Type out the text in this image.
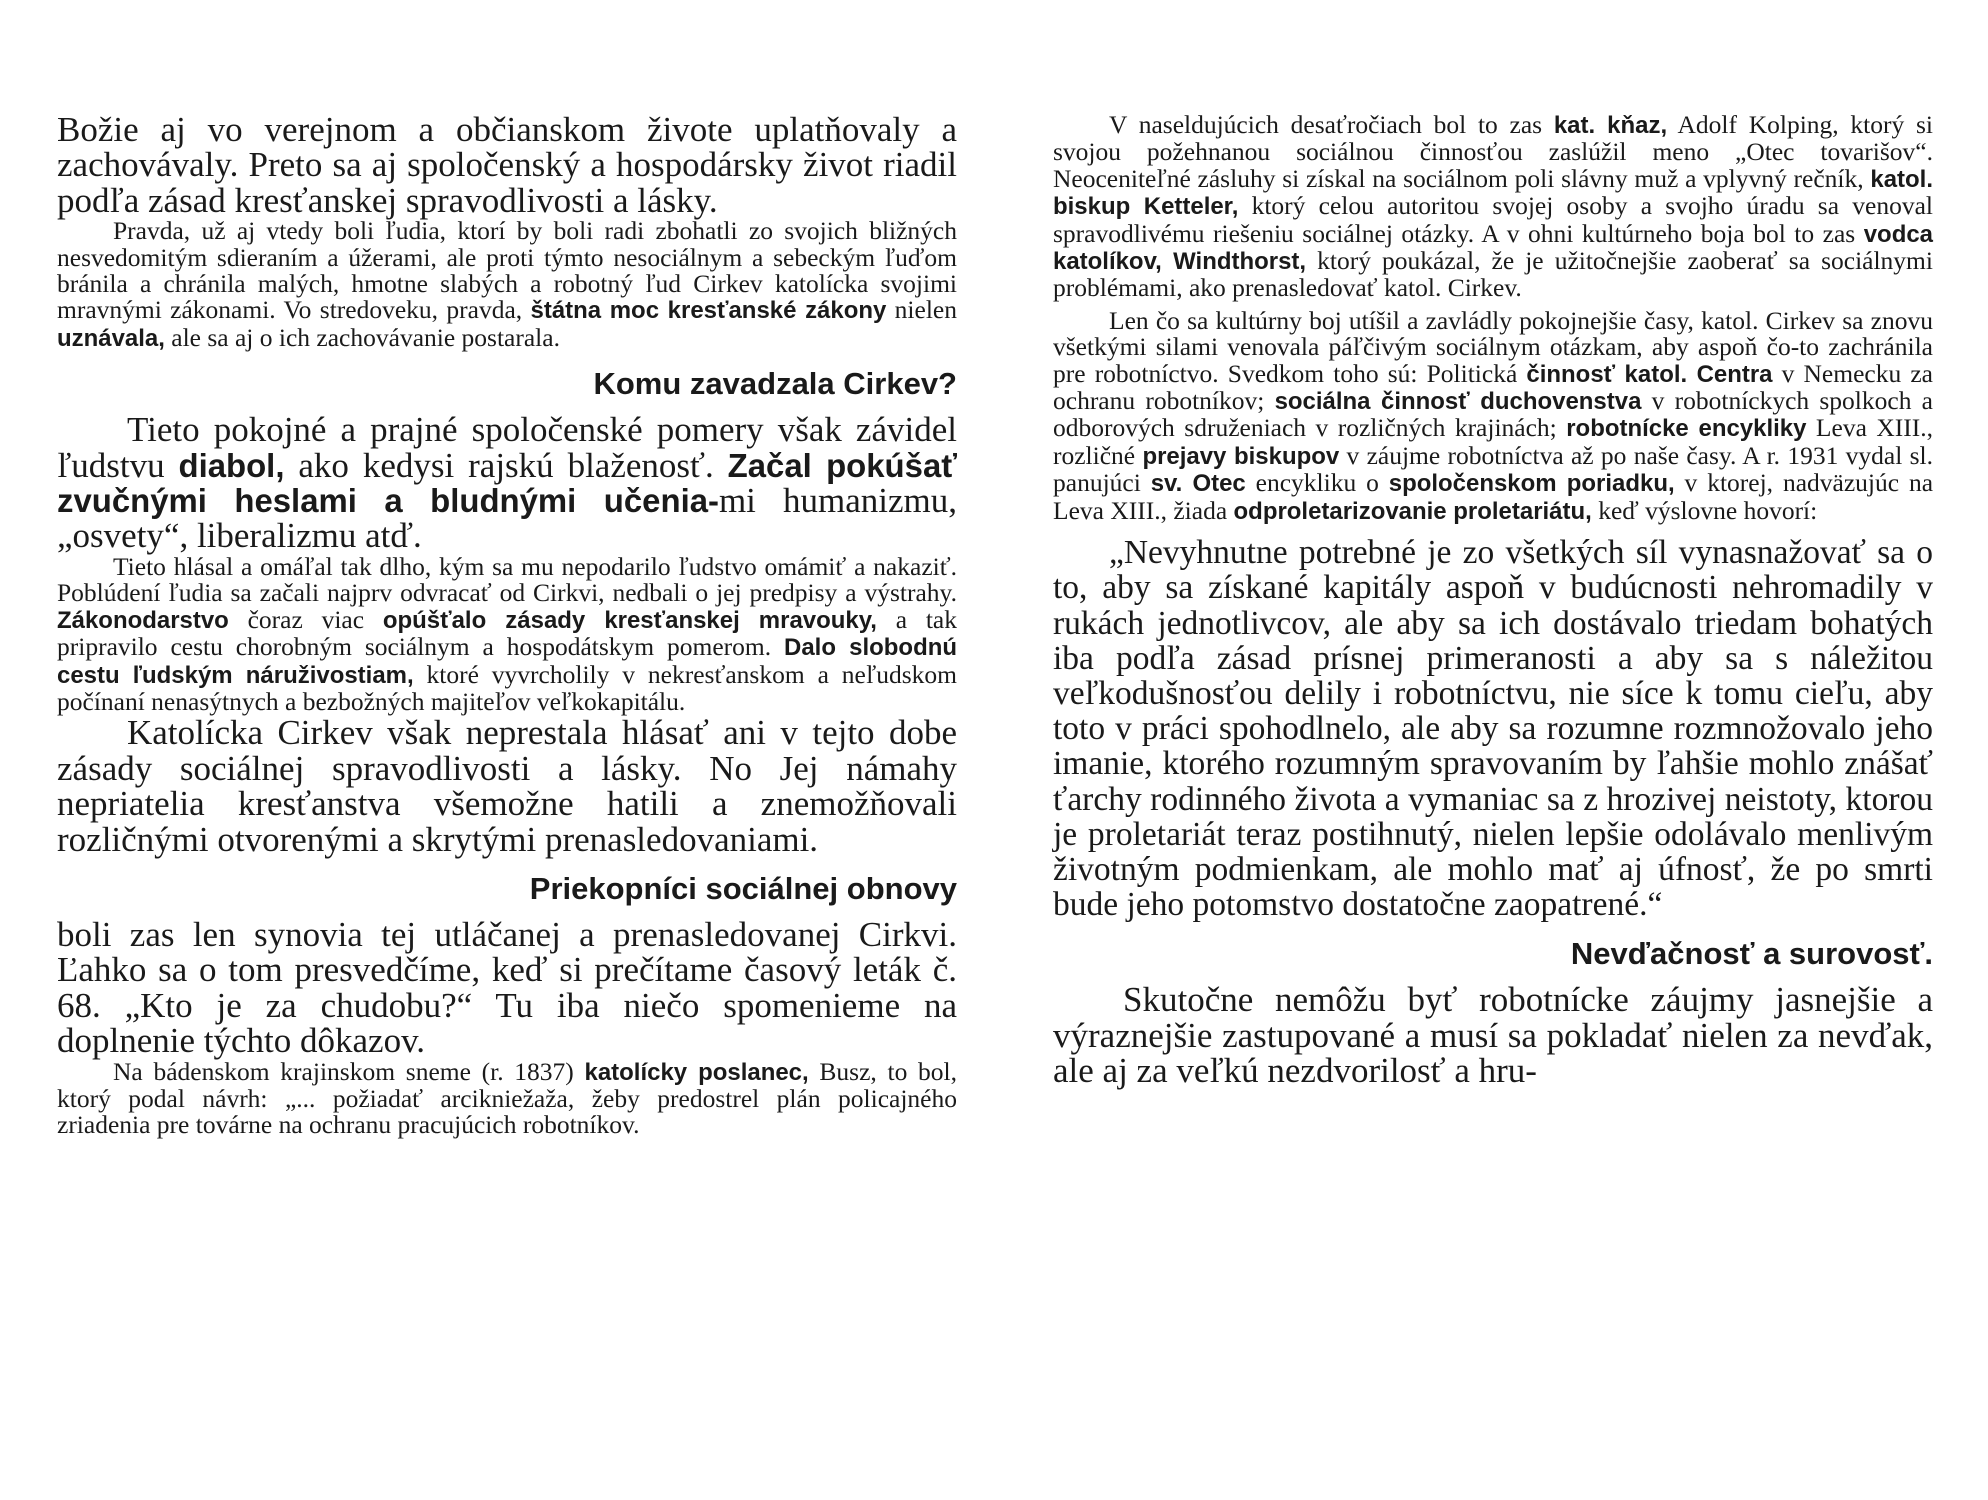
Božie aj vo verejnom a občianskom živote uplatňovaly a zachovávaly. Preto sa aj spoločenský a hospodársky život riadil podľa zásad kresťanskej spravodlivosti a lásky.

Pravda, už aj vtedy boli ľudia, ktorí by boli radi zbohatli zo svojich bližných nesvedomitým sdieraním a úžerami, ale proti týmto nesociálnym a sebeckým ľuďom bránila a chránila malých, hmotne slabých a robotný ľud Cirkev katolícka svojimi mravnými zákonami. Vo stredoveku, pravda, štátna moc kresťanské zákony nielen uznávala, ale sa aj o ich zachovávanie postarala.

Komu zavadzala Cirkev?

Tieto pokojné a prajné spoločenské pomery však závidel ľudstvu diabol, ako kedysi rajskú blaženosť. Začal pokúšať zvučnými heslami a bludnými učenia-mi humanizmu, „osvety“, liberalizmu atď.

Tieto hlásal a omáľal tak dlho, kým sa mu nepodarilo ľudstvo omámiť a nakaziť. Poblúdení ľudia sa začali najprv odvracať od Cirkvi, nedbali o jej predpisy a výstrahy. Zákonodarstvo čoraz viac opúšťalo zásady kresťanskej mravouky, a tak pripravilo cestu chorobným sociálnym a hospodátskym pomerom. Dalo slobodnú cestu ľudským náruživostiam, ktoré vyvrcholily v nekresťanskom a neľudskom počínaní nenasýtnych a bezbožných majiteľov veľkokapitálu.

Katolícka Cirkev však neprestala hlásať ani v tejto dobe zásady sociálnej spravodlivosti a lásky. No Jej námahy nepriatelia kresťanstva všemožne hatili a znemožňovali rozličnými otvorenými a skrytými prenasledovaniami.

Priekopníci sociálnej obnovy

boli zas len synovia tej utláčanej a prenasledovanej Cirkvi. Ľahko sa o tom presvedčíme, keď si prečítame časový leták č. 68. „Kto je za chudobu?“ Tu iba niečo spomenieme na doplnenie týchto dôkazov.

Na bádenskom krajinskom sneme (r. 1837) katolícky poslanec, Busz, to bol, ktorý podal návrh: „... požiadať arcikniežaža, žeby predostrel plán policajného zriadenia pre továrne na ochranu pracujúcich robotníkov.

V naseldujúcich desaťročiach bol to zas kat. kňaz, Adolf Kolping, ktorý si svojou požehnanou sociálnou činnosťou zaslúžil meno „Otec tovarišov“. Neoceniteľné zásluhy si získal na sociálnom poli slávny muž a vplyvný rečník, katol. biskup Ketteler, ktorý celou autoritou svojej osoby a svojho úradu sa venoval spravodlivému riešeniu sociálnej otázky. A v ohni kultúrneho boja bol to zas vodca katolíkov, Windthorst, ktorý poukázal, že je užitočnejšie zaoberať sa sociálnymi problémami, ako prenasledovať katol. Cirkev.

Len čo sa kultúrny boj utíšil a zavládly pokojnejšie časy, katol. Cirkev sa znovu všetkými silami venovala páľčivým sociálnym otázkam, aby aspoň čo-to zachránila pre robotníctvo. Svedkom toho sú: Politická činnosť katol. Centra v Nemecku za ochranu robotníkov; sociálna činnosť duchovenstva v robotníckych spolkoch a odborových sdruženiach v rozličných krajinách; robotnícke encykliky Leva XIII., rozličné prejavy biskupov v záujme robotníctva až po naše časy. A r. 1931 vydal sl. panujúci sv. Otec encykliku o spoločenskom poriadku, v ktorej, nadväzujúc na Leva XIII., žiada odproletarizovanie proletariátu, keď výslovne hovorí:

„Nevyhnutne potrebné je zo všetkých síl vynasnažovať sa o to, aby sa získané kapitály aspoň v budúcnosti nehromadily v rukách jednotlivcov, ale aby sa ich dostávalo triedam bohatých iba podľa zásad prísnej primeranosti a aby sa s náležitou veľkodušnosťou delily i robotníctvu, nie síce k tomu cieľu, aby toto v práci spohodlnelo, ale aby sa rozumne rozmnožovalo jeho imanie, ktorého rozumným spravovaním by ľahšie mohlo znášať ťarchy rodinného života a vymaniac sa z hrozivej neistoty, ktorou je proletariát teraz postihnutý, nielen lepšie odolávalo menlivým životným podmienkam, ale mohlo mať aj úfnosť, že po smrti bude jeho potomstvo dostatočne zaopatrené.“

Nevďačnosť a surovosť.

Skutočne nemôžu byť robotnícke záujmy jasnejšie a výraznejšie zastupované a musí sa pokladať nielen za nevďak, ale aj za veľkú nezdvorilosť a hru-
